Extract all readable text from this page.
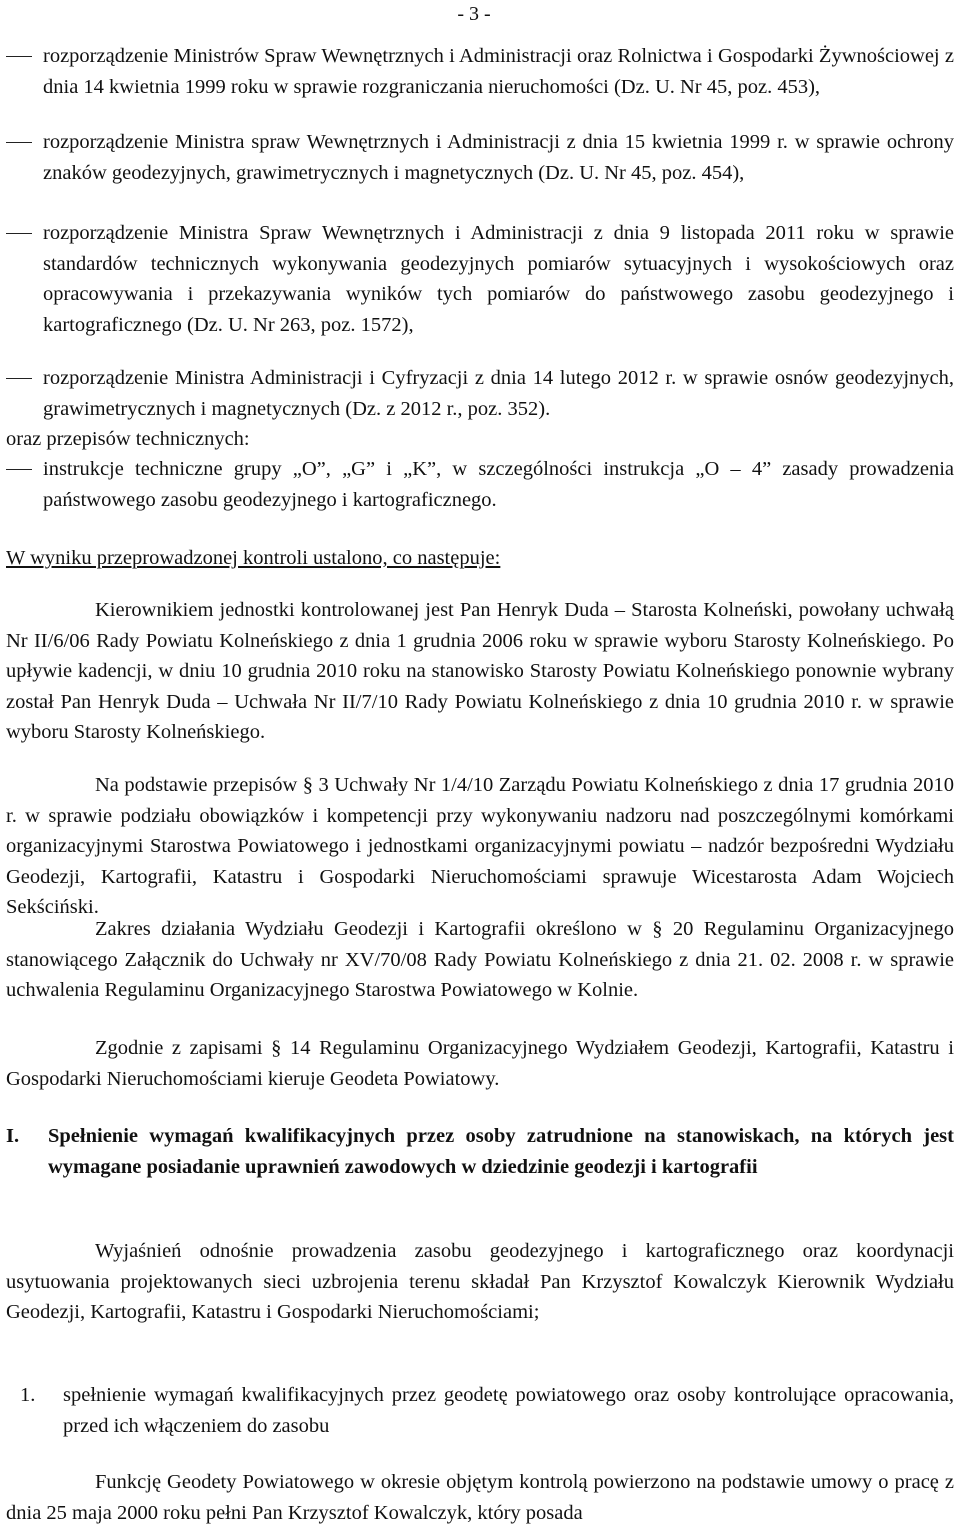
- 3 -
rozporządzenie Ministrów Spraw Wewnętrznych i Administracji oraz Rolnictwa i Gospodarki Żywnościowej z dnia 14 kwietnia 1999 roku w sprawie rozgraniczania nieruchomości (Dz. U. Nr 45, poz. 453),
rozporządzenie Ministra spraw Wewnętrznych i Administracji z dnia 15 kwietnia 1999 r. w sprawie ochrony znaków geodezyjnych, grawimetrycznych i magnetycznych (Dz. U. Nr 45, poz. 454),
rozporządzenie Ministra Spraw Wewnętrznych i Administracji z dnia 9 listopada 2011 roku w sprawie standardów technicznych wykonywania geodezyjnych pomiarów sytuacyjnych i wysokościowych oraz opracowywania i przekazywania wyników tych pomiarów do państwowego zasobu geodezyjnego i kartograficznego (Dz. U. Nr 263, poz. 1572),
rozporządzenie Ministra Administracji i Cyfryzacji z dnia 14 lutego 2012 r. w sprawie osnów geodezyjnych, grawimetrycznych i magnetycznych (Dz. z 2012 r., poz. 352).
oraz przepisów technicznych:
instrukcje techniczne grupy „O”, „G” i „K”, w szczególności instrukcja „O – 4” zasady prowadzenia państwowego zasobu geodezyjnego i kartograficznego.
W wyniku przeprowadzonej kontroli ustalono, co następuje:
Kierownikiem jednostki kontrolowanej jest Pan Henryk Duda – Starosta Kolneński, powołany uchwałą Nr II/6/06 Rady Powiatu Kolneńskiego z dnia 1 grudnia 2006 roku w sprawie wyboru Starosty Kolneńskiego. Po upływie kadencji, w dniu 10 grudnia 2010 roku na stanowisko Starosty Powiatu Kolneńskiego ponownie wybrany został Pan Henryk Duda – Uchwała Nr II/7/10 Rady Powiatu Kolneńskiego z dnia 10 grudnia 2010 r. w sprawie wyboru Starosty Kolneńskiego.
Na podstawie przepisów § 3 Uchwały Nr 1/4/10 Zarządu Powiatu Kolneńskiego z dnia 17 grudnia 2010 r. w sprawie podziału obowiązków i kompetencji przy wykonywaniu nadzoru nad poszczególnymi komórkami organizacyjnymi Starostwa Powiatowego i jednostkami organizacyjnymi powiatu – nadzór bezpośredni Wydziału Geodezji, Kartografii, Katastru i Gospodarki Nieruchomościami sprawuje Wicestarosta Adam Wojciech Sekściński.
Zakres działania Wydziału Geodezji i Kartografii określono w § 20 Regulaminu Organizacyjnego stanowiącego Załącznik do Uchwały nr XV/70/08 Rady Powiatu Kolneńskiego z dnia 21. 02. 2008 r. w sprawie uchwalenia Regulaminu Organizacyjnego Starostwa Powiatowego w Kolnie.
Zgodnie z zapisami § 14 Regulaminu Organizacyjnego Wydziałem Geodezji, Kartografii, Katastru i Gospodarki Nieruchomościami kieruje Geodeta Powiatowy.
I. Spełnienie wymagań kwalifikacyjnych przez osoby zatrudnione na stanowiskach, na których jest wymagane posiadanie uprawnień zawodowych w dziedzinie geodezji i kartografii
Wyjaśnień odnośnie prowadzenia zasobu geodezyjnego i kartograficznego oraz koordynacji usytuowania projektowanych sieci uzbrojenia terenu składał Pan Krzysztof Kowalczyk Kierownik Wydziału Geodezji, Kartografii, Katastru i Gospodarki Nieruchomościami;
1. spełnienie wymagań kwalifikacyjnych przez geodetę powiatowego oraz osoby kontrolujące opracowania, przed ich włączeniem do zasobu
Funkcję Geodety Powiatowego w okresie objętym kontrolą powierzono na podstawie umowy o pracę z dnia 25 maja 2000 roku pełni Pan Krzysztof Kowalczyk, który posada
